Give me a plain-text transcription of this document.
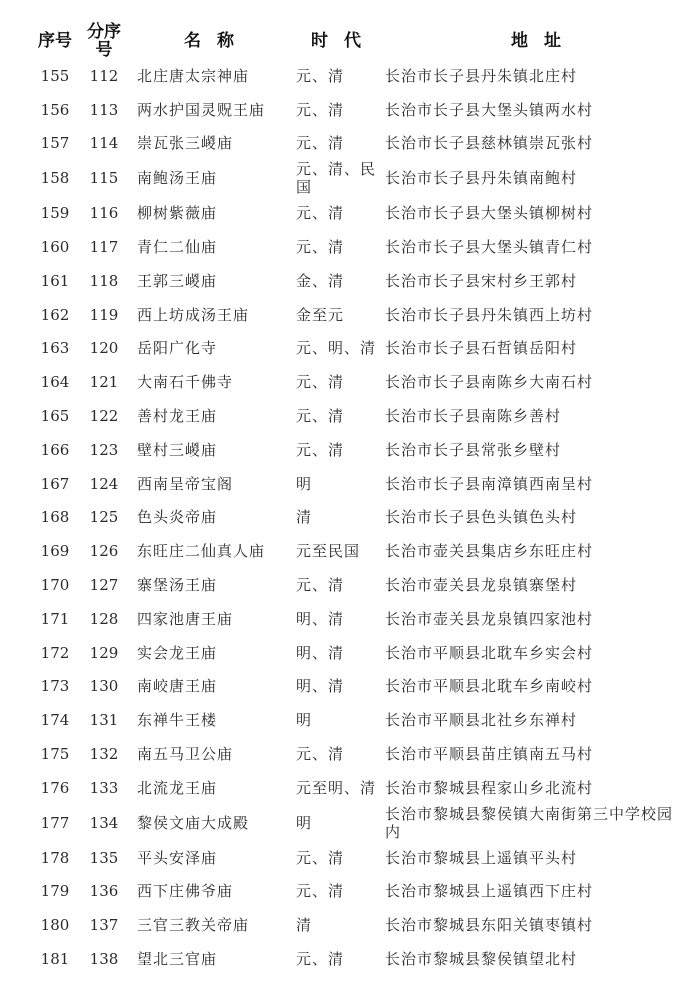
序号	分序号	名 称	时 代	地 址
155	112	北庄唐太宗神庙	元、清	长治市长子县丹朱镇北庄村
156	113	两水护国灵贶王庙	元、清	长治市长子县大堡头镇两水村
157	114	崇瓦张三嵕庙	元、清	长治市长子县慈林镇崇瓦张村
158	115	南鲍汤王庙	元、清、民国	长治市长子县丹朱镇南鲍村
159	116	柳树紫薇庙	元、清	长治市长子县大堡头镇柳树村
160	117	青仁二仙庙	元、清	长治市长子县大堡头镇青仁村
161	118	王郭三嵕庙	金、清	长治市长子县宋村乡王郭村
162	119	西上坊成汤王庙	金至元	长治市长子县丹朱镇西上坊村
163	120	岳阳广化寺	元、明、清	长治市长子县石哲镇岳阳村
164	121	大南石千佛寺	元、清	长治市长子县南陈乡大南石村
165	122	善村龙王庙	元、清	长治市长子县南陈乡善村
166	123	壁村三嵕庙	元、清	长治市长子县常张乡壁村
167	124	西南呈帝宝阁	明	长治市长子县南漳镇西南呈村
168	125	色头炎帝庙	清	长治市长子县色头镇色头村
169	126	东旺庄二仙真人庙	元至民国	长治市壶关县集店乡东旺庄村
170	127	寨堡汤王庙	元、清	长治市壶关县龙泉镇寨堡村
171	128	四家池唐王庙	明、清	长治市壶关县龙泉镇四家池村
172	129	实会龙王庙	明、清	长治市平顺县北耽车乡实会村
173	130	南峧唐王庙	明、清	长治市平顺县北耽车乡南峧村
174	131	东禅牛王楼	明	长治市平顺县北社乡东禅村
175	132	南五马卫公庙	元、清	长治市平顺县苗庄镇南五马村
176	133	北流龙王庙	元至明、清	长治市黎城县程家山乡北流村
177	134	黎侯文庙大成殿	明	长治市黎城县黎侯镇大南街第三中学校园内
178	135	平头安泽庙	元、清	长治市黎城县上遥镇平头村
179	136	西下庄佛爷庙	元、清	长治市黎城县上遥镇西下庄村
180	137	三官三教关帝庙	清	长治市黎城县东阳关镇枣镇村
181	138	望北三官庙	元、清	长治市黎城县黎侯镇望北村
